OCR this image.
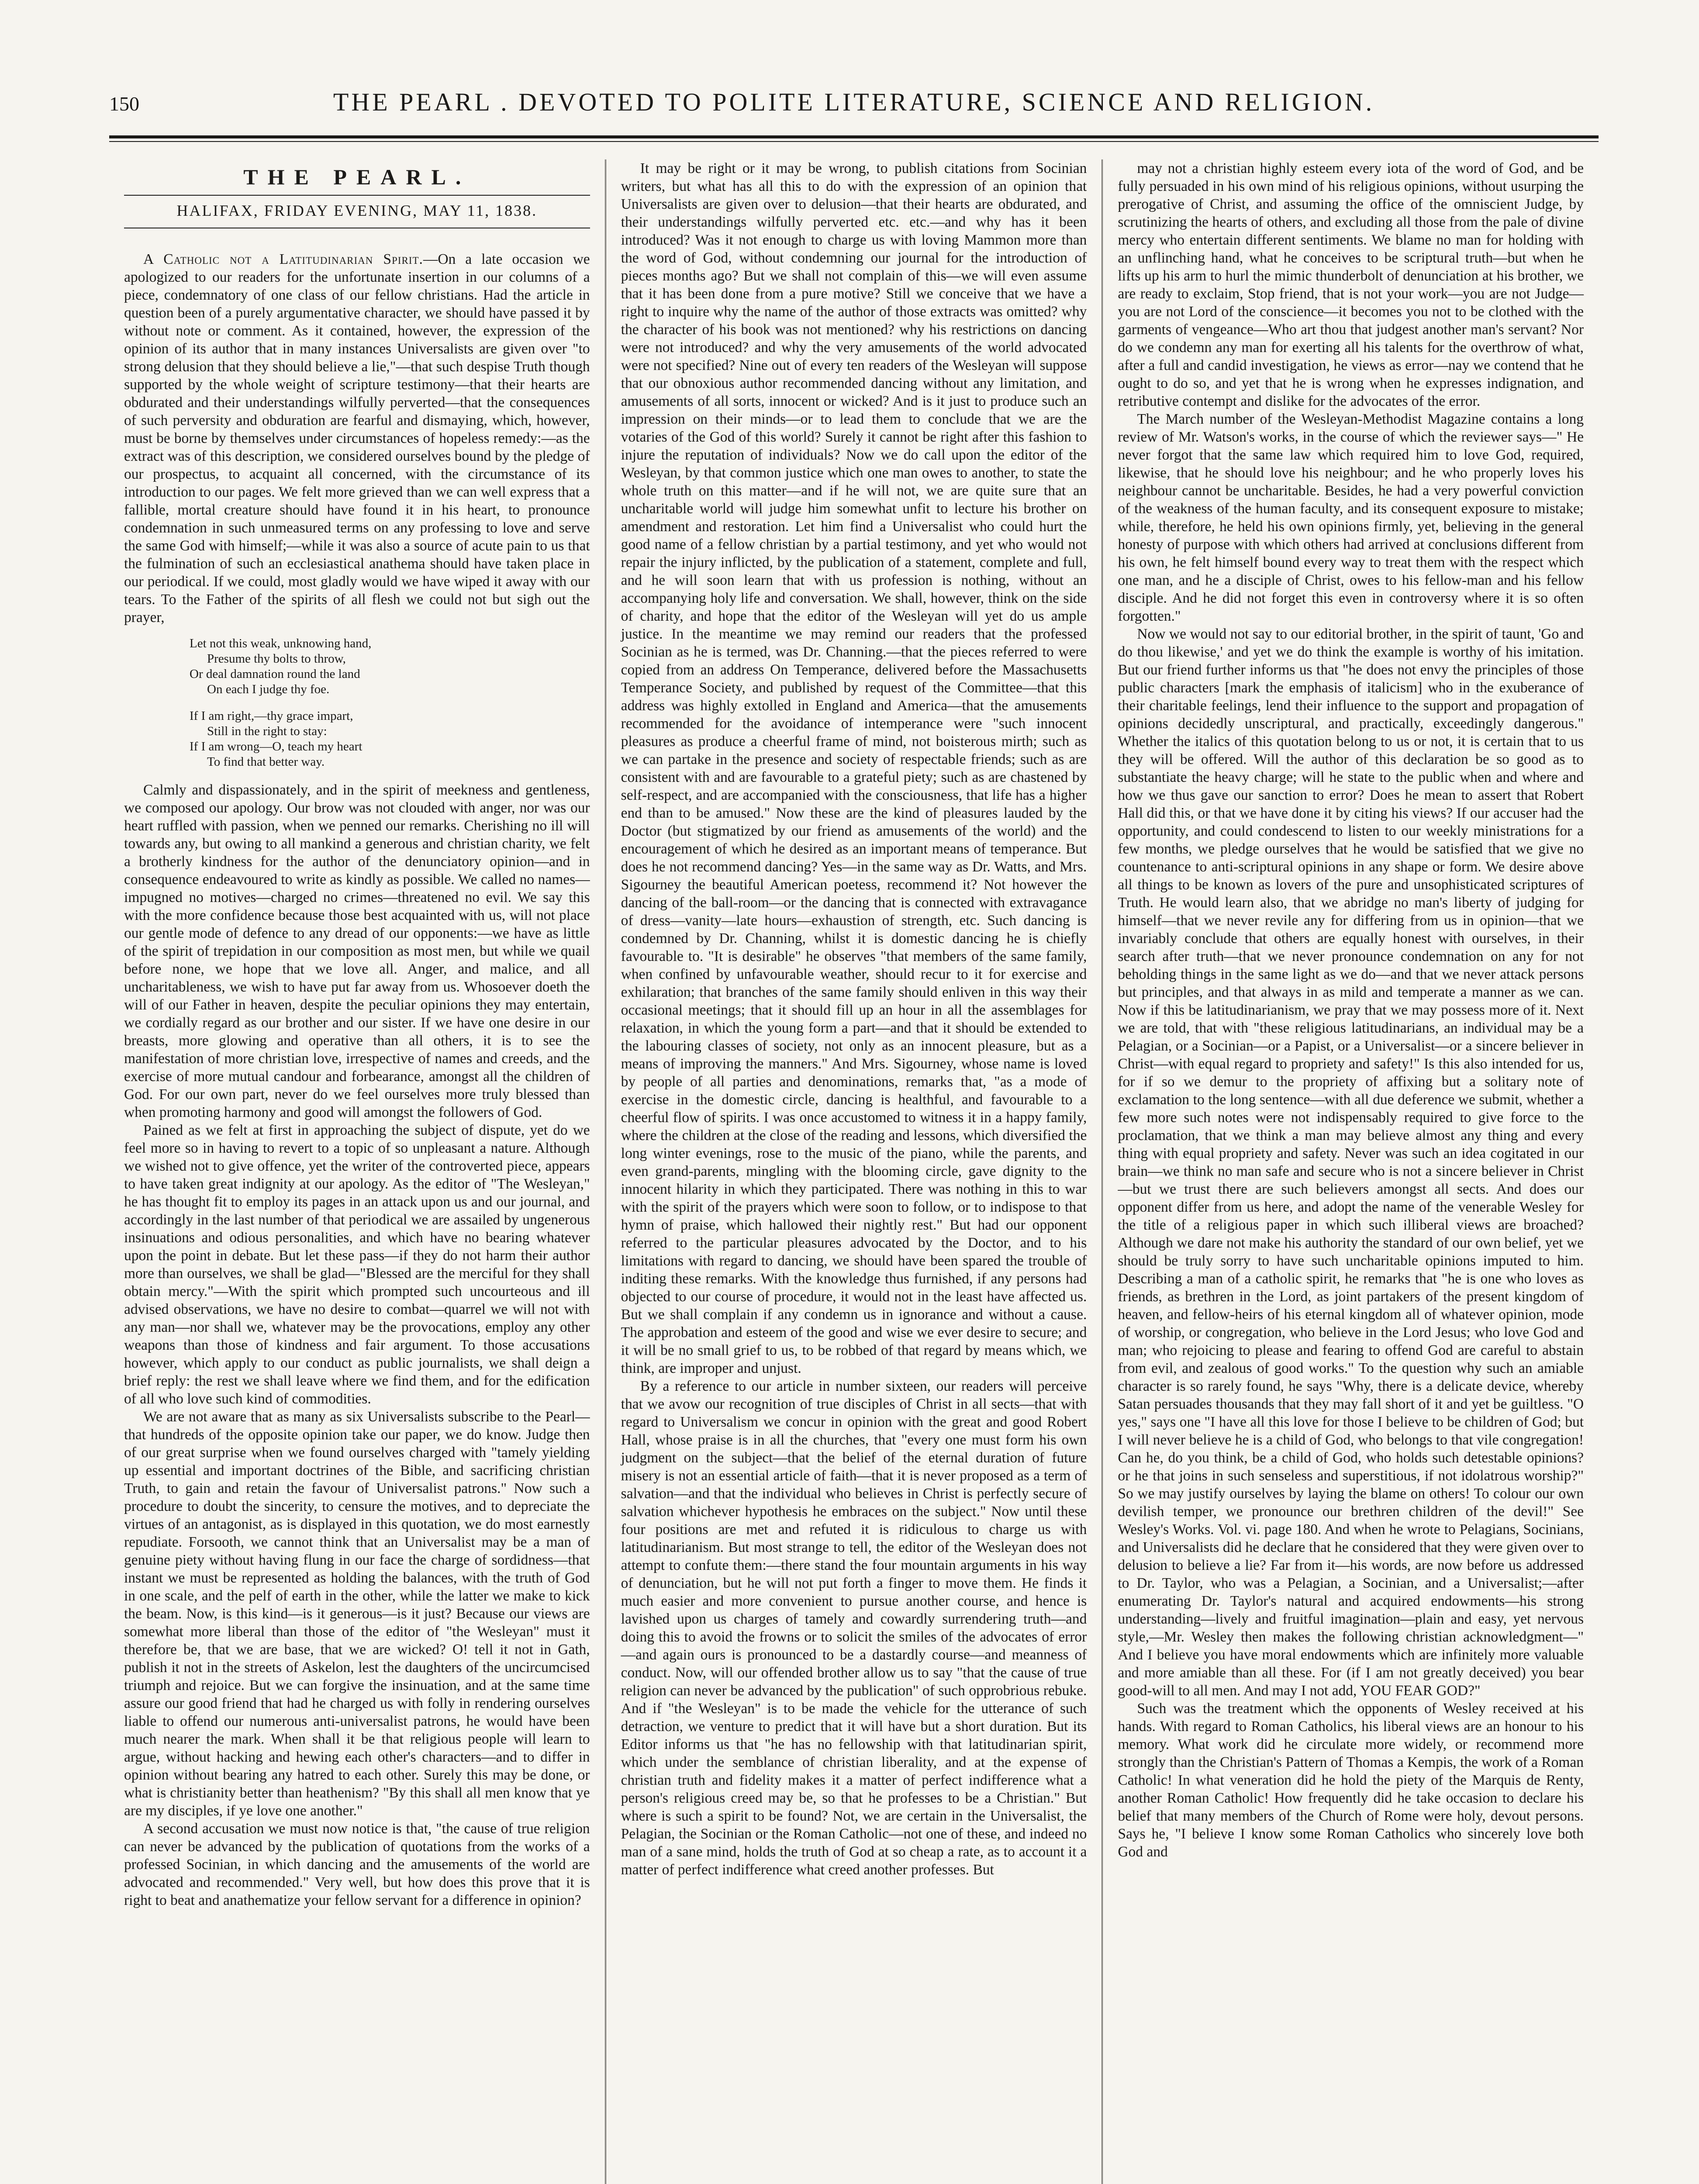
150	THE PEARL . DEVOTED TO POLITE LITERATURE, SCIENCE AND RELIGION.
THE PEARL.
HALIFAX, FRIDAY EVENING, MAY 11, 1838.

A Catholic not a Latitudinarian Spirit.—On a late occasion we apologized to our readers for the unfortunate insertion in our columns of a piece, condemnatory of one class of our fellow christians. Had the article in question been of a purely argumentative character, we should have passed it by without note or comment. As it contained, however, the expression of the opinion of its author that in many instances Universalists are given over "to strong delusion that they should believe a lie,"—that such despise Truth though supported by the whole weight of scripture testimony—that their hearts are obdurated and their understandings wilfully perverted—that the consequences of such perversity and obduration are fearful and dismaying, which, however, must be borne by themselves under circumstances of hopeless remedy:—as the extract was of this description, we considered ourselves bound by the pledge of our prospectus, to acquaint all concerned, with the circumstance of its introduction to our pages. We felt more grieved than we can well express that a fallible, mortal creature should have found it in his heart, to pronounce condemnation in such unmeasured terms on any professing to love and serve the same God with himself;—while it was also a source of acute pain to us that the fulmination of such an ecclesiastical anathema should have taken place in our periodical. If we could, most gladly would we have wiped it away with our tears. To the Father of the spirits of all flesh we could not but sigh out the prayer,

Let not this weak, unknowing hand,
Presume thy bolts to throw,
Or deal damnation round the land
On each I judge thy foe.
If I am right,—thy grace impart,
Still in the right to stay:
If I am wrong—O, teach my heart
To find that better way.

Calmly and dispassionately, and in the spirit of meekness and gentleness, we composed our apology. Our brow was not clouded with anger, nor was our heart ruffled with passion, when we penned our remarks. Cherishing no ill will towards any, but owing to all mankind a generous and christian charity, we felt a brotherly kindness for the author of the denunciatory opinion—and in consequence endeavoured to write as kindly as possible. We called no names—impugned no motives—charged no crimes—threatened no evil. We say this with the more confidence because those best acquainted with us, will not place our gentle mode of defence to any dread of our opponents:—we have as little of the spirit of trepidation in our composition as most men, but while we quail before none, we hope that we love all. Anger, and malice, and all uncharitableness, we wish to have put far away from us. Whosoever doeth the will of our Father in heaven, despite the peculiar opinions they may entertain, we cordially regard as our brother and our sister. If we have one desire in our breasts, more glowing and operative than all others, it is to see the manifestation of more christian love, irrespective of names and creeds, and the exercise of more mutual candour and forbearance, amongst all the children of God. For our own part, never do we feel ourselves more truly blessed than when promoting harmony and good will amongst the followers of God.

Pained as we felt at first in approaching the subject of dispute, yet do we feel more so in having to revert to a topic of so unpleasant a nature. Although we wished not to give offence, yet the writer of the controverted piece, appears to have taken great indignity at our apology. As the editor of "The Wesleyan," he has thought fit to employ its pages in an attack upon us and our journal, and accordingly in the last number of that periodical we are assailed by ungenerous insinuations and odious personalities, and which have no bearing whatever upon the point in debate. But let these pass—if they do not harm their author more than ourselves, we shall be glad—"Blessed are the merciful for they shall obtain mercy."—With the spirit which prompted such uncourteous and ill advised observations, we have no desire to combat—quarrel we will not with any man—nor shall we, whatever may be the provocations, employ any other weapons than those of kindness and fair argument. To those accusations however, which apply to our conduct as public journalists, we shall deign a brief reply: the rest we shall leave where we find them, and for the edification of all who love such kind of commodities.

We are not aware that as many as six Universalists subscribe to the Pearl—that hundreds of the opposite opinion take our paper, we do know. Judge then of our great surprise when we found ourselves charged with "tamely yielding up essential and important doctrines of the Bible, and sacrificing christian Truth, to gain and retain the favour of Universalist patrons." Now such a procedure to doubt the sincerity, to censure the motives, and to depreciate the virtues of an antagonist, as is displayed in this quotation, we do most earnestly repudiate. Forsooth, we cannot think that an Universalist may be a man of genuine piety without having flung in our face the charge of sordidness—that instant we must be represented as holding the balances, with the truth of God in one scale, and the pelf of earth in the other, while the latter we make to kick the beam. Now, is this kind—is it generous—is it just? Because our views are somewhat more liberal than those of the editor of "the Wesleyan" must it therefore be, that we are base, that we are wicked? O! tell it not in Gath, publish it not in the streets of Askelon, lest the daughters of the uncircumcised triumph and rejoice. But we can forgive the insinuation, and at the same time assure our good friend that had he charged us with folly in rendering ourselves liable to offend our numerous anti-universalist patrons, he would have been much nearer the mark. When shall it be that religious people will learn to argue, without hacking and hewing each other's characters—and to differ in opinion without bearing any hatred to each other. Surely this may be done, or what is christianity better than heathenism? "By this shall all men know that ye are my disciples, if ye love one another."

A second accusation we must now notice is that, "the cause of true religion can never be advanced by the publication of quotations from the works of a professed Socinian, in which dancing and the amusements of the world are advocated and recommended." Very well, but how does this prove that it is right to beat and anathematize your fellow servant for a difference in opinion?

It may be right or it may be wrong, to publish citations from Socinian writers, but what has all this to do with the expression of an opinion that Universalists are given over to delusion—that their hearts are obdurated, and their understandings wilfully perverted etc. etc.—and why has it been introduced? Was it not enough to charge us with loving Mammon more than the word of God, without condemning our journal for the introduction of pieces months ago? But we shall not complain of this—we will even assume that it has been done from a pure motive? Still we conceive that we have a right to inquire why the name of the author of those extracts was omitted? why the character of his book was not mentioned? why his restrictions on dancing were not introduced? and why the very amusements of the world advocated were not specified? Nine out of every ten readers of the Wesleyan will suppose that our obnoxious author recommended dancing without any limitation, and amusements of all sorts, innocent or wicked? And is it just to produce such an impression on their minds—or to lead them to conclude that we are the votaries of the God of this world? Surely it cannot be right after this fashion to injure the reputation of individuals? Now we do call upon the editor of the Wesleyan, by that common justice which one man owes to another, to state the whole truth on this matter—and if he will not, we are quite sure that an uncharitable world will judge him somewhat unfit to lecture his brother on amendment and restoration. Let him find a Universalist who could hurt the good name of a fellow christian by a partial testimony, and yet who would not repair the injury inflicted, by the publication of a statement, complete and full, and he will soon learn that with us profession is nothing, without an accompanying holy life and conversation. We shall, however, think on the side of charity, and hope that the editor of the Wesleyan will yet do us ample justice. In the meantime we may remind our readers that the professed Socinian as he is termed, was Dr. Channing.—that the pieces referred to were copied from an address On Temperance, delivered before the Massachusetts Temperance Society, and published by request of the Committee—that this address was highly extolled in England and America—that the amusements recommended for the avoidance of intemperance were "such innocent pleasures as produce a cheerful frame of mind, not boisterous mirth; such as we can partake in the presence and society of respectable friends; such as are consistent with and are favourable to a grateful piety; such as are chastened by self-respect, and are accompanied with the consciousness, that life has a higher end than to be amused." Now these are the kind of pleasures lauded by the Doctor (but stigmatized by our friend as amusements of the world) and the encouragement of which he desired as an important means of temperance. But does he not recommend dancing? Yes—in the same way as Dr. Watts, and Mrs. Sigourney the beautiful American poetess, recommend it? Not however the dancing of the ball-room—or the dancing that is connected with extravagance of dress—vanity—late hours—exhaustion of strength, etc. Such dancing is condemned by Dr. Channing, whilst it is domestic dancing he is chiefly favourable to. "It is desirable" he observes "that members of the same family, when confined by unfavourable weather, should recur to it for exercise and exhilaration; that branches of the same family should enliven in this way their occasional meetings; that it should fill up an hour in all the assemblages for relaxation, in which the young form a part—and that it should be extended to the labouring classes of society, not only as an innocent pleasure, but as a means of improving the manners." And Mrs. Sigourney, whose name is loved by people of all parties and denominations, remarks that, "as a mode of exercise in the domestic circle, dancing is healthful, and favourable to a cheerful flow of spirits. I was once accustomed to witness it in a happy family, where the children at the close of the reading and lessons, which diversified the long winter evenings, rose to the music of the piano, while the parents, and even grand-parents, mingling with the blooming circle, gave dignity to the innocent hilarity in which they participated. There was nothing in this to war with the spirit of the prayers which were soon to follow, or to indispose to that hymn of praise, which hallowed their nightly rest." But had our opponent referred to the particular pleasures advocated by the Doctor, and to his limitations with regard to dancing, we should have been spared the trouble of inditing these remarks. With the knowledge thus furnished, if any persons had objected to our course of procedure, it would not in the least have affected us. But we shall complain if any condemn us in ignorance and without a cause. The approbation and esteem of the good and wise we ever desire to secure; and it will be no small grief to us, to be robbed of that regard by means which, we think, are improper and unjust.

By a reference to our article in number sixteen, our readers will perceive that we avow our recognition of true disciples of Christ in all sects—that with regard to Universalism we concur in opinion with the great and good Robert Hall, whose praise is in all the churches, that "every one must form his own judgment on the subject—that the belief of the eternal duration of future misery is not an essential article of faith—that it is never proposed as a term of salvation—and that the individual who believes in Christ is perfectly secure of salvation whichever hypothesis he embraces on the subject." Now until these four positions are met and refuted it is ridiculous to charge us with latitudinarianism. But most strange to tell, the editor of the Wesleyan does not attempt to confute them:—there stand the four mountain arguments in his way of denunciation, but he will not put forth a finger to move them. He finds it much easier and more convenient to pursue another course, and hence is lavished upon us charges of tamely and cowardly surrendering truth—and doing this to avoid the frowns or to solicit the smiles of the advocates of error—and again ours is pronounced to be a dastardly course—and meanness of conduct. Now, will our offended brother allow us to say "that the cause of true religion can never be advanced by the publication" of such opprobrious rebuke. And if "the Wesleyan" is to be made the vehicle for the utterance of such detraction, we venture to predict that it will have but a short duration. But its Editor informs us that "he has no fellowship with that latitudinarian spirit, which under the semblance of christian liberality, and at the expense of christian truth and fidelity makes it a matter of perfect indifference what a person's religious creed may be, so that he professes to be a Christian." But where is such a spirit to be found? Not, we are certain in the Universalist, the Pelagian, the Socinian or the Roman Catholic—not one of these, and indeed no man of a sane mind, holds the truth of God at so cheap a rate, as to account it a matter of perfect indifference what creed another professes. But

may not a christian highly esteem every iota of the word of God, and be fully persuaded in his own mind of his religious opinions, without usurping the prerogative of Christ, and assuming the office of the omniscient Judge, by scrutinizing the hearts of others, and excluding all those from the pale of divine mercy who entertain different sentiments. We blame no man for holding with an unflinching hand, what he conceives to be scriptural truth—but when he lifts up his arm to hurl the mimic thunderbolt of denunciation at his brother, we are ready to exclaim, Stop friend, that is not your work—you are not Judge—you are not Lord of the conscience—it becomes you not to be clothed with the garments of vengeance—Who art thou that judgest another man's servant? Nor do we condemn any man for exerting all his talents for the overthrow of what, after a full and candid investigation, he views as error—nay we contend that he ought to do so, and yet that he is wrong when he expresses indignation, and retributive contempt and dislike for the advocates of the error.

The March number of the Wesleyan-Methodist Magazine contains a long review of Mr. Watson's works, in the course of which the reviewer says—" He never forgot that the same law which required him to love God, required, likewise, that he should love his neighbour; and he who properly loves his neighbour cannot be uncharitable. Besides, he had a very powerful conviction of the weakness of the human faculty, and its consequent exposure to mistake; while, therefore, he held his own opinions firmly, yet, believing in the general honesty of purpose with which others had arrived at conclusions different from his own, he felt himself bound every way to treat them with the respect which one man, and he a disciple of Christ, owes to his fellow-man and his fellow disciple. And he did not forget this even in controversy where it is so often forgotten."

Now we would not say to our editorial brother, in the spirit of taunt, 'Go and do thou likewise,' and yet we do think the example is worthy of his imitation. But our friend further informs us that "he does not envy the principles of those public characters [mark the emphasis of italicism] who in the exuberance of their charitable feelings, lend their influence to the support and propagation of opinions decidedly unscriptural, and practically, exceedingly dangerous." Whether the italics of this quotation belong to us or not, it is certain that to us they will be offered. Will the author of this declaration be so good as to substantiate the heavy charge; will he state to the public when and where and how we thus gave our sanction to error? Does he mean to assert that Robert Hall did this, or that we have done it by citing his views? If our accuser had the opportunity, and could condescend to listen to our weekly ministrations for a few months, we pledge ourselves that he would be satisfied that we give no countenance to anti-scriptural opinions in any shape or form. We desire above all things to be known as lovers of the pure and unsophisticated scriptures of Truth. He would learn also, that we abridge no man's liberty of judging for himself—that we never revile any for differing from us in opinion—that we invariably conclude that others are equally honest with ourselves, in their search after truth—that we never pronounce condemnation on any for not beholding things in the same light as we do—and that we never attack persons but principles, and that always in as mild and temperate a manner as we can. Now if this be latitudinarianism, we pray that we may possess more of it. Next we are told, that with "these religious latitudinarians, an individual may be a Pelagian, or a Socinian—or a Papist, or a Universalist—or a sincere believer in Christ—with equal regard to propriety and safety!" Is this also intended for us, for if so we demur to the propriety of affixing but a solitary note of exclamation to the long sentence—with all due deference we submit, whether a few more such notes were not indispensably required to give force to the proclamation, that we think a man may believe almost any thing and every thing with equal propriety and safety. Never was such an idea cogitated in our brain—we think no man safe and secure who is not a sincere believer in Christ—but we trust there are such believers amongst all sects. And does our opponent differ from us here, and adopt the name of the venerable Wesley for the title of a religious paper in which such illiberal views are broached? Although we dare not make his authority the standard of our own belief, yet we should be truly sorry to have such uncharitable opinions imputed to him. Describing a man of a catholic spirit, he remarks that "he is one who loves as friends, as brethren in the Lord, as joint partakers of the present kingdom of heaven, and fellow-heirs of his eternal kingdom all of whatever opinion, mode of worship, or congregation, who believe in the Lord Jesus; who love God and man; who rejoicing to please and fearing to offend God are careful to abstain from evil, and zealous of good works." To the question why such an amiable character is so rarely found, he says "Why, there is a delicate device, whereby Satan persuades thousands that they may fall short of it and yet be guiltless. "O yes," says one "I have all this love for those I believe to be children of God; but I will never believe he is a child of God, who belongs to that vile congregation! Can he, do you think, be a child of God, who holds such detestable opinions? or he that joins in such senseless and superstitious, if not idolatrous worship?" So we may justify ourselves by laying the blame on others! To colour our own devilish temper, we pronounce our brethren children of the devil!" See Wesley's Works. Vol. vi. page 180. And when he wrote to Pelagians, Socinians, and Universalists did he declare that he considered that they were given over to delusion to believe a lie? Far from it—his words, are now before us addressed to Dr. Taylor, who was a Pelagian, a Socinian, and a Universalist;—after enumerating Dr. Taylor's natural and acquired endowments—his strong understanding—lively and fruitful imagination—plain and easy, yet nervous style,—Mr. Wesley then makes the following christian acknowledgment—" And I believe you have moral endowments which are infinitely more valuable and more amiable than all these. For (if I am not greatly deceived) you bear good-will to all men. And may I not add, YOU FEAR GOD?"

Such was the treatment which the opponents of Wesley received at his hands. With regard to Roman Catholics, his liberal views are an honour to his memory. What work did he circulate more widely, or recommend more strongly than the Christian's Pattern of Thomas a Kempis, the work of a Roman Catholic! In what veneration did he hold the piety of the Marquis de Renty, another Roman Catholic! How frequently did he take occasion to declare his belief that many members of the Church of Rome were holy, devout persons. Says he, "I believe I know some Roman Catholics who sincerely love both God and
